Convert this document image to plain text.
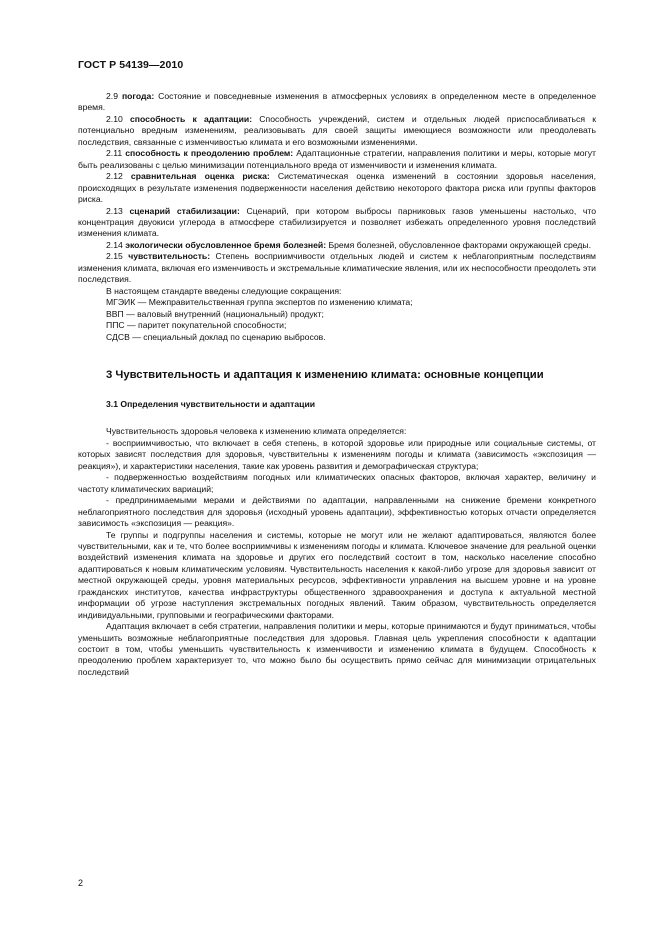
ГОСТ Р 54139—2010

2.9 погода: Состояние и повседневные изменения в атмосферных условиях в определенном месте в определенное время.

2.10 способность к адаптации: Способность учреждений, систем и отдельных людей приспосабливаться к потенциально вредным изменениям, реализовывать для своей защиты имеющиеся возможности или преодолевать последствия, связанные с изменчивостью климата и его возможными изменениями.

2.11 способность к преодолению проблем: Адаптационные стратегии, направления политики и меры, которые могут быть реализованы с целью минимизации потенциального вреда от изменчивости и изменения климата.

2.12 сравнительная оценка риска: Систематическая оценка изменений в состоянии здоровья населения, происходящих в результате изменения подверженности населения действию некоторого фактора риска или группы факторов риска.

2.13 сценарий стабилизации: Сценарий, при котором выбросы парниковых газов уменьшены настолько, что концентрация двуокиси углерода в атмосфере стабилизируется и позволяет избежать определенного уровня последствий изменения климата.

2.14 экологически обусловленное бремя болезней: Бремя болезней, обусловленное факторами окружающей среды.

2.15 чувствительность: Степень восприимчивости отдельных людей и систем к неблагоприятным последствиям изменения климата, включая его изменчивость и экстремальные климатические явления, или их неспособности преодолеть эти последствия.

В настоящем стандарте введены следующие сокращения:

МГЭИК — Межправительственная группа экспертов по изменению климата;

ВВП — валовый внутренний (национальный) продукт;

ППС — паритет покупательной способности;

СДСВ — специальный доклад по сценарию выбросов.

3 Чувствительность и адаптация к изменению климата: основные концепции

3.1 Определения чувствительности и адаптации

Чувствительность здоровья человека к изменению климата определяется:

- восприимчивостью, что включает в себя степень, в которой здоровье или природные или социальные системы, от которых зависят последствия для здоровья, чувствительны к изменениям погоды и климата (зависимость «экспозиция — реакция»), и характеристики населения, такие как уровень развития и демографическая структура;

- подверженностью воздействиям погодных или климатических опасных факторов, включая характер, величину и частоту климатических вариаций;

- предпринимаемыми мерами и действиями по адаптации, направленными на снижение бремени конкретного неблагоприятного последствия для здоровья (исходный уровень адаптации), эффективностью которых отчасти определяется зависимость «экспозиция — реакция».

Те группы и подгруппы населения и системы, которые не могут или не желают адаптироваться, являются более чувствительными, как и те, что более восприимчивы к изменениям погоды и климата. Ключевое значение для реальной оценки воздействий изменения климата на здоровье и других его последствий состоит в том, насколько население способно адаптироваться к новым климатическим условиям. Чувствительность населения к какой-либо угрозе для здоровья зависит от местной окружающей среды, уровня материальных ресурсов, эффективности управления на высшем уровне и на уровне гражданских институтов, качества инфраструктуры общественного здравоохранения и доступа к актуальной местной информации об угрозе наступления экстремальных погодных явлений. Таким образом, чувствительность определяется индивидуальными, групповыми и географическими факторами.

Адаптация включает в себя стратегии, направления политики и меры, которые принимаются и будут приниматься, чтобы уменьшить возможные неблагоприятные последствия для здоровья. Главная цель укрепления способности к адаптации состоит в том, чтобы уменьшить чувствительность к изменчивости и изменению климата в будущем. Способность к преодолению проблем характеризует то, что можно было бы осуществить прямо сейчас для минимизации отрицательных последствий

2
